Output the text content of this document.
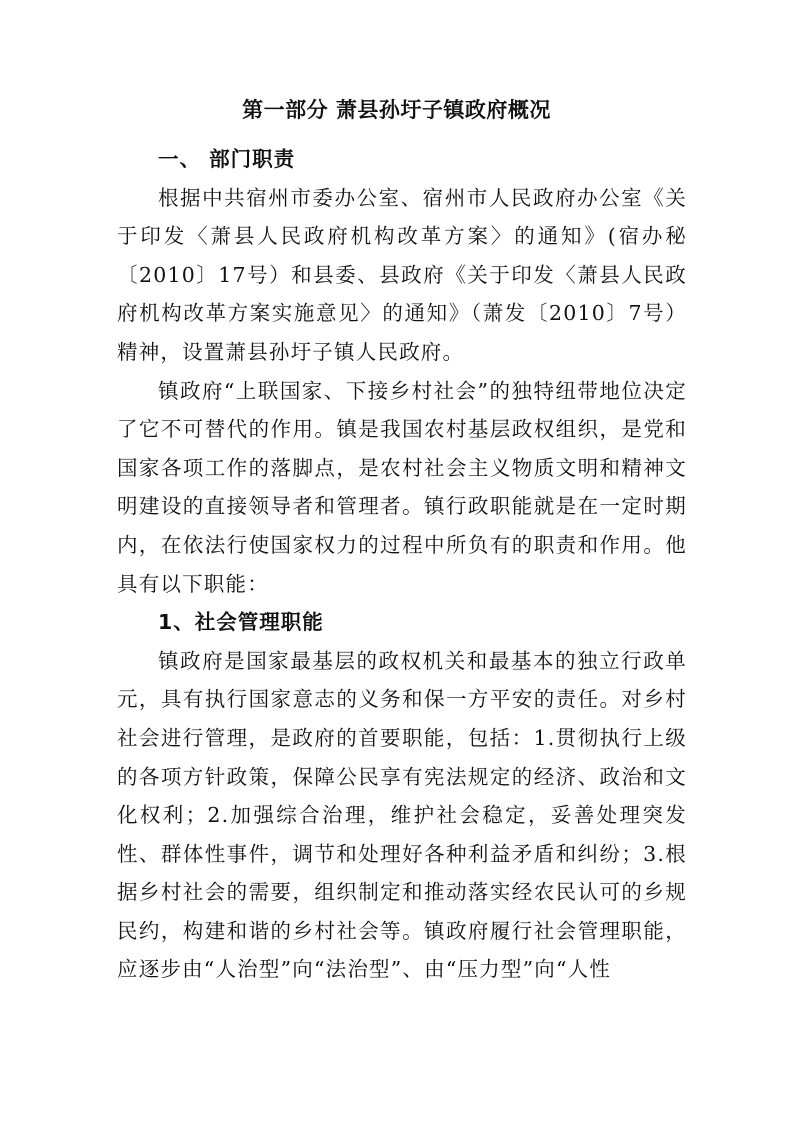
第一部分 萧县孙圩子镇政府概况
一、 部门职责

根据中共宿州市委办公室、宿州市人民政府办公室《关于印发〈萧县人民政府机构改革方案〉的通知》(宿办秘〔2010〕17号）和县委、县政府《关于印发〈萧县人民政府机构改革方案实施意见〉的通知》（萧发〔2010〕7号）精神，设置萧县孙圩子镇人民政府。

镇政府“上联国家、下接乡村社会”的独特纽带地位决定了它不可替代的作用。镇是我国农村基层政权组织，是党和国家各项工作的落脚点，是农村社会主义物质文明和精神文明建设的直接领导者和管理者。镇行政职能就是在一定时期内，在依法行使国家权力的过程中所负有的职责和作用。他具有以下职能：

1、社会管理职能

镇政府是国家最基层的政权机关和最基本的独立行政单元，具有执行国家意志的义务和保一方平安的责任。对乡村社会进行管理，是政府的首要职能，包括：1.贯彻执行上级的各项方针政策，保障公民享有宪法规定的经济、政治和文化权利；2.加强综合治理，维护社会稳定，妥善处理突发性、群体性事件，调节和处理好各种利益矛盾和纠纷；3.根据乡村社会的需要，组织制定和推动落实经农民认可的乡规民约，构建和谐的乡村社会等。镇政府履行社会管理职能，应逐步由“人治型”向“法治型”、由“压力型”向“人性
